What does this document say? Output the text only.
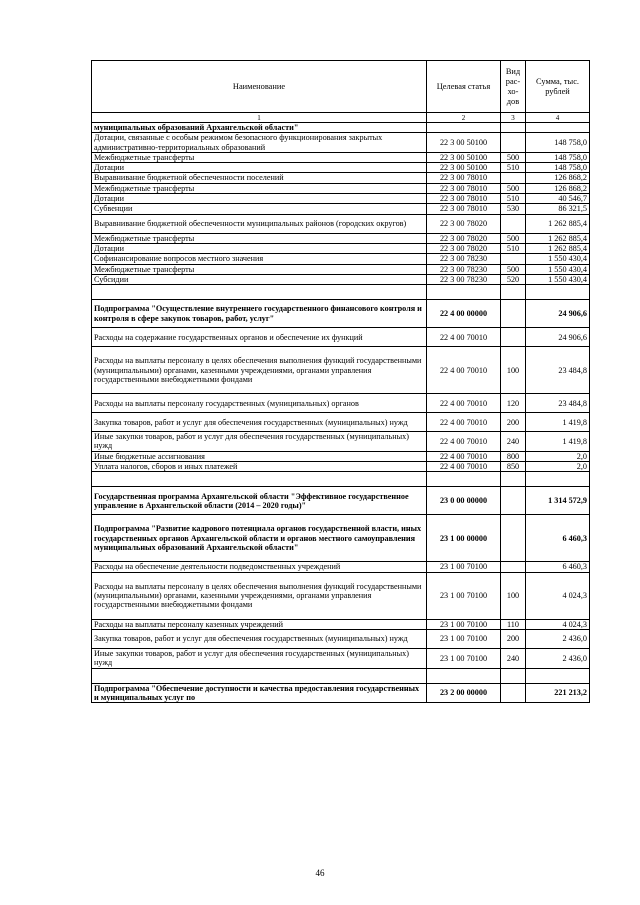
Наименование	Целевая статья	Вид рас- хо- дов	Сумма, тыс. рублей
1	2	3	4
муниципальных образований Архангельской области"			
Дотации, связанные с особым режимом безопасного функционирования закрытых административно-территориальных образований	22 3 00 50100		148 758,0
Межбюджетные трансферты	22 3 00 50100	500	148 758,0
Дотации	22 3 00 50100	510	148 758,0
Выравнивание бюджетной обеспеченности поселений	22 3 00 78010		126 868,2
Межбюджетные трансферты	22 3 00 78010	500	126 868,2
Дотации	22 3 00 78010	510	40 546,7
Субвенции	22 3 00 78010	530	86 321,5
Выравнивание бюджетной обеспеченности муниципальных районов (городских округов)	22 3 00 78020		1 262 885,4
Межбюджетные трансферты	22 3 00 78020	500	1 262 885,4
Дотации	22 3 00 78020	510	1 262 885,4
Софинансирование вопросов местного значения	22 3 00 78230		1 550 430,4
Межбюджетные трансферты	22 3 00 78230	500	1 550 430,4
Субсидии	22 3 00 78230	520	1 550 430,4

Подпрограмма "Осуществление внутреннего государственного финансового контроля и контроля в сфере закупок товаров, работ, услуг"	22 4 00 00000		24 906,6
Расходы на содержание государственных органов и обеспечение их функций	22 4 00 70010		24 906,6
Расходы на выплаты персоналу в целях обеспечения выполнения функций государственными (муниципальными) органами, казенными учреждениями, органами управления государственными внебюджетными фондами	22 4 00 70010	100	23 484,8
Расходы на выплаты персоналу государственных (муниципальных) органов	22 4 00 70010	120	23 484,8
Закупка товаров, работ и услуг для обеспечения государственных (муниципальных) нужд	22 4 00 70010	200	1 419,8
Иные закупки товаров, работ и услуг для обеспечения государственных (муниципальных) нужд	22 4 00 70010	240	1 419,8
Иные бюджетные ассигнования	22 4 00 70010	800	2,0
Уплата налогов, сборов и иных платежей	22 4 00 70010	850	2,0

Государственная программа Архангельской области "Эффективное государственное управление в Архангельской области (2014 – 2020 годы)"	23 0 00 00000		1 314 572,9
Подпрограмма "Развитие кадрового потенциала органов государственной власти, иных государственных органов Архангельской области и органов местного самоуправления муниципальных образований Архангельской области"	23 1 00 00000		6 460,3
Расходы на обеспечение деятельности подведомственных учреждений	23 1 00 70100		6 460,3
Расходы на выплаты персоналу в целях обеспечения выполнения функций государственными (муниципальными) органами, казенными учреждениями, органами управления государственными внебюджетными фондами	23 1 00 70100	100	4 024,3
Расходы на выплаты персоналу казенных учреждений	23 1 00 70100	110	4 024,3
Закупка товаров, работ и услуг для обеспечения государственных (муниципальных) нужд	23 1 00 70100	200	2 436,0
Иные закупки товаров, работ и услуг для обеспечения государственных (муниципальных) нужд	23 1 00 70100	240	2 436,0

Подпрограмма "Обеспечение доступности и качества предоставления государственных и муниципальных услуг по	23 2 00 00000		221 213,2
46
